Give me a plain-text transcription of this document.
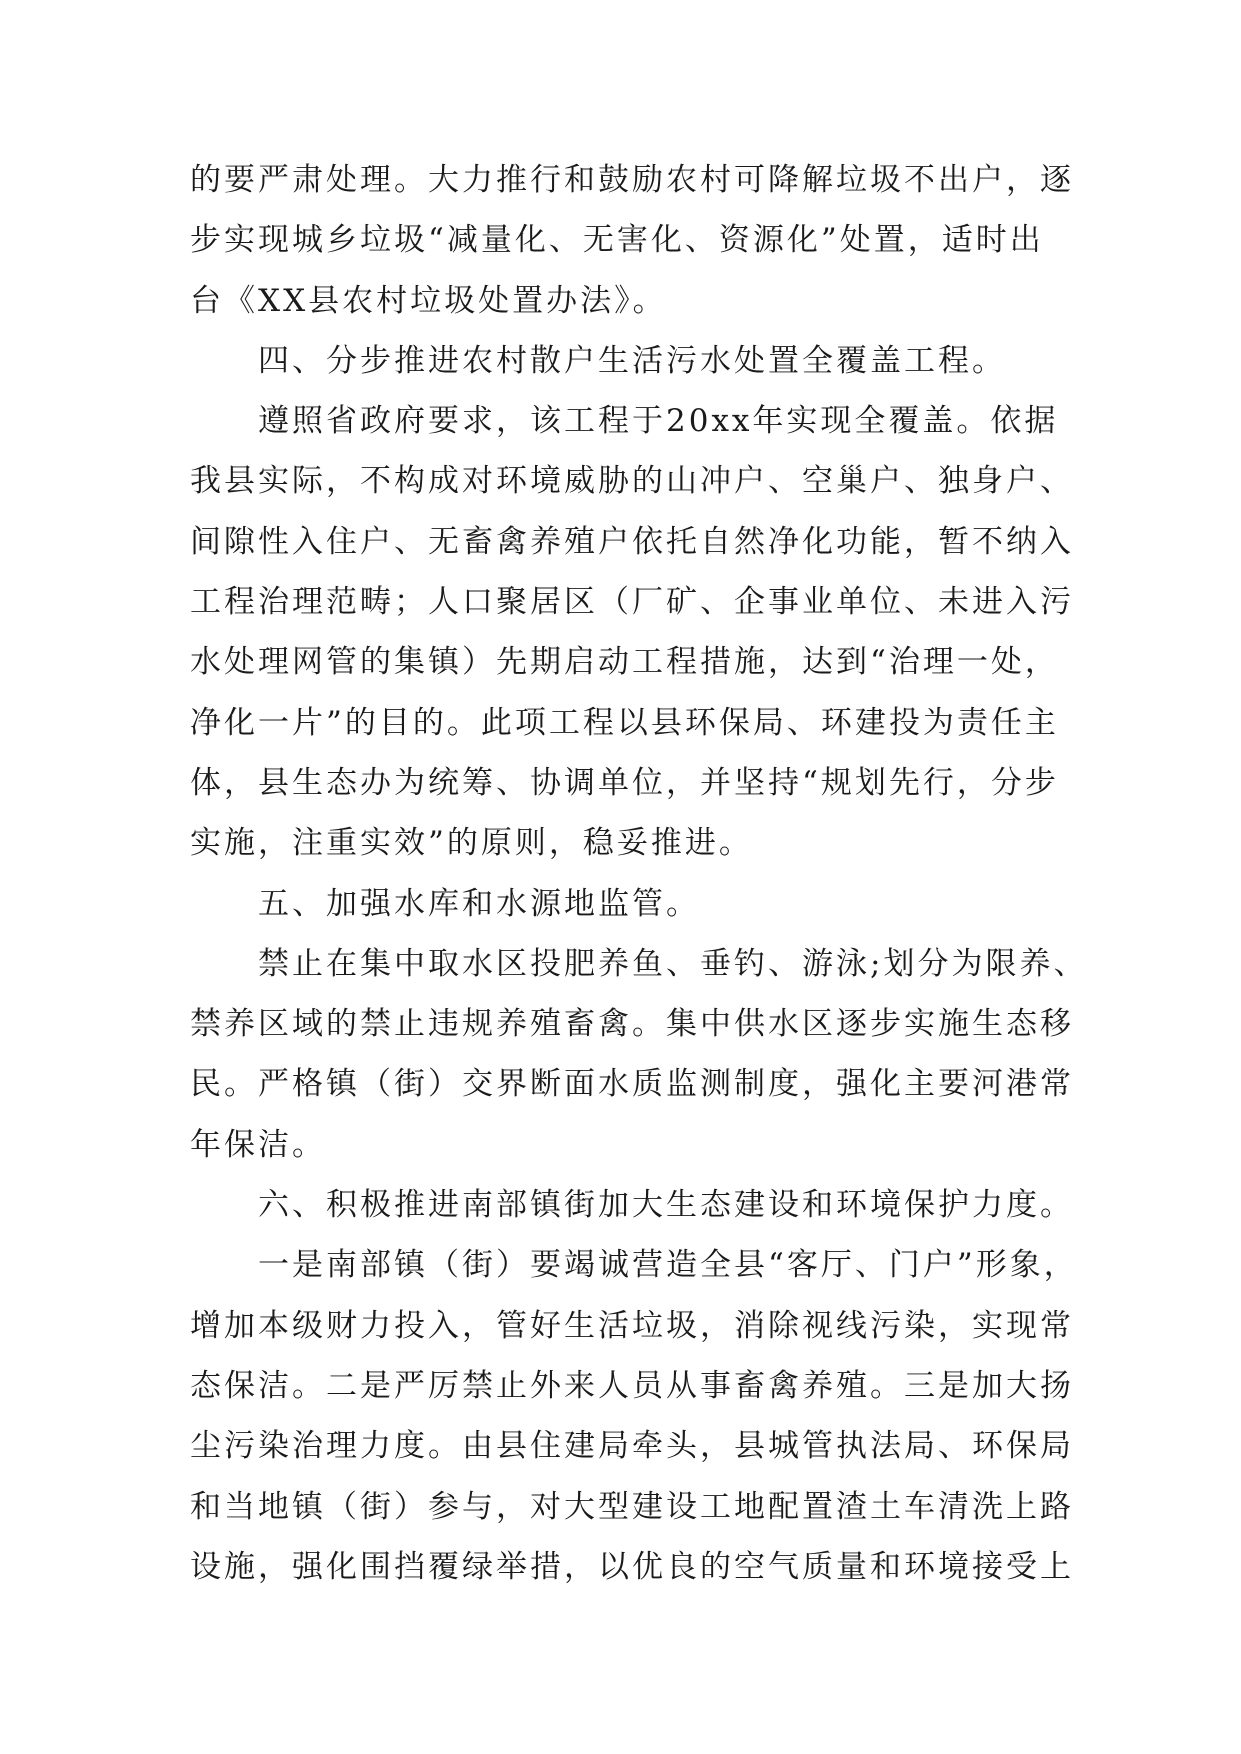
的要严肃处理。大力推行和鼓励农村可降解垃圾不出户，逐
步实现城乡垃圾“减量化、无害化、资源化”处置，适时出
台《XX县农村垃圾处置办法》。
四、分步推进农村散户生活污水处置全覆盖工程。
遵照省政府要求，该工程于20xx年实现全覆盖。依据
我县实际，不构成对环境威胁的山冲户、空巢户、独身户、
间隙性入住户、无畜禽养殖户依托自然净化功能，暂不纳入
工程治理范畴；人口聚居区（厂矿、企事业单位、未进入污
水处理网管的集镇）先期启动工程措施，达到“治理一处，
净化一片”的目的。此项工程以县环保局、环建投为责任主
体，县生态办为统筹、协调单位，并坚持“规划先行，分步
实施，注重实效”的原则，稳妥推进。
五、加强水库和水源地监管。
禁止在集中取水区投肥养鱼、垂钓、游泳;划分为限养、
禁养区域的禁止违规养殖畜禽。集中供水区逐步实施生态移
民。严格镇（街）交界断面水质监测制度，强化主要河港常
年保洁。
六、积极推进南部镇街加大生态建设和环境保护力度。
一是南部镇（街）要竭诚营造全县“客厅、门户”形象，
增加本级财力投入，管好生活垃圾，消除视线污染，实现常
态保洁。二是严厉禁止外来人员从事畜禽养殖。三是加大扬
尘污染治理力度。由县住建局牵头，县城管执法局、环保局
和当地镇（街）参与，对大型建设工地配置渣土车清洗上路
设施，强化围挡覆绿举措，以优良的空气质量和环境接受上
